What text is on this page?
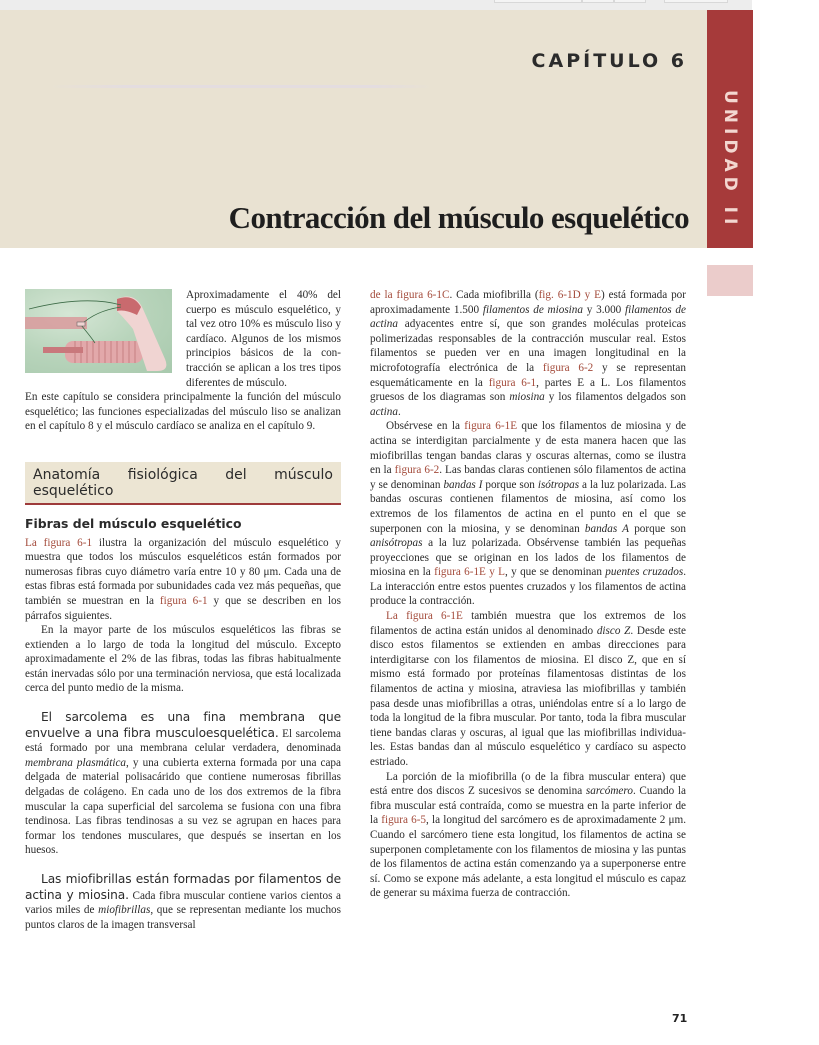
CAPÍTULO 6
Contracción del músculo esquelético	UNIDAD II

Aproximadamente el 40% del cuerpo es músculo esquelético, y tal vez otro 10% es músculo liso y cardíaco. Algunos de los mismos principios básicos de la contracción se aplican a los tres tipos diferentes de músculo.

En este capítulo se considera principalmente la función del músculo esquelético; las funciones especializadas del músculo liso se analizan en el capítulo 8 y el músculo cardíaco se analiza en el capítulo 9.

Anatomía fisiológica del músculo esquelético
Fibras del músculo esquelético

La figura 6-1 ilustra la organización del músculo esquelético y muestra que todos los músculos esqueléticos están formados por numerosas fibras cuyo diámetro varía entre 10 y 80 μm. Cada una de estas fibras está formada por subunidades cada vez más pequeñas, que también se muestran en la figura 6-1 y que se describen en los párrafos siguientes.

En la mayor parte de los músculos esqueléticos las fibras se extienden a lo largo de toda la longitud del músculo. Excepto aproximadamente el 2% de las fibras, todas las fibras habitualmente están inervadas sólo por una terminación nerviosa, que está localizada cerca del punto medio de la misma.

El sarcolema es una fina membrana que envuelve a una fibra musculoesquelética. El sarcolema está formado por una membrana celular verdadera, denominada membrana plasmática, y una cubierta externa formada por una capa delgada de material polisacárido que contiene numerosas fibrillas delgadas de colágeno. En cada uno de los dos extremos de la fibra muscular la capa superficial del sarcolema se fusiona con una fibra tendinosa. Las fibras tendinosas a su vez se agrupan en haces para formar los tendones musculares, que después se insertan en los huesos.

Las miofibrillas están formadas por filamentos de actina y miosina. Cada fibra muscular contiene varios cientos a varios miles de miofibrillas, que se representan mediante los muchos puntos claros de la imagen transversal

de la figura 6-1C. Cada miofibrilla (fig. 6-1D y E) está formada por aproximadamente 1.500 filamentos de miosina y 3.000 filamentos de actina adyacentes entre sí, que son grandes moléculas proteicas polimerizadas responsables de la contracción muscular real. Estos filamentos se pueden ver en una imagen longitudinal en la microfotografía electrónica de la figura 6-2 y se representan esquemáticamente en la figura 6-1, partes E a L. Los filamentos gruesos de los diagramas son miosina y los filamentos delgados son actina.

Obsérvese en la figura 6-1E que los filamentos de miosina y de actina se interdigitan parcialmente y de esta manera hacen que las miofibrillas tengan bandas claras y oscuras alternas, como se ilustra en la figura 6-2. Las bandas claras contienen sólo filamentos de actina y se denominan bandas I porque son isótropas a la luz polarizada. Las bandas oscuras contienen filamentos de miosina, así como los extremos de los filamentos de actina en el punto en el que se superponen con la miosina, y se denominan bandas A porque son anisótropas a la luz polarizada. Obsérvense también las pequeñas proyecciones que se originan en los lados de los filamentos de miosina en la figura 6-1E y L, y que se denominan puentes cruzados. La interacción entre estos puentes cruzados y los filamentos de actina produce la contracción.

La figura 6-1E también muestra que los extremos de los filamentos de actina están unidos al denominado disco Z. Desde este disco estos filamentos se extienden en ambas direcciones para interdigitarse con los filamentos de miosina. El disco Z, que en sí mismo está formado por proteínas filamentosas distintas de los filamentos de actina y miosina, atraviesa las miofibrillas y también pasa desde unas miofibrillas a otras, uniéndolas entre sí a lo largo de toda la longitud de la fibra muscular. Por tanto, toda la fibra muscular tiene bandas claras y oscuras, al igual que las miofibrillas individuales. Estas bandas dan al músculo esquelético y cardíaco su aspecto estriado.

La porción de la miofibrilla (o de la fibra muscular entera) que está entre dos discos Z sucesivos se denomina sarcómero. Cuando la fibra muscular está contraída, como se muestra en la parte inferior de la figura 6-5, la longitud del sarcómero es de aproximadamente 2 μm. Cuando el sarcómero tiene esta longitud, los filamentos de actina se superponen completamente con los filamentos de miosina y las puntas de los filamentos de actina están comenzando ya a superponerse entre sí. Como se expone más adelante, a esta longitud el músculo es capaz de generar su máxima fuerza de contracción.

71
